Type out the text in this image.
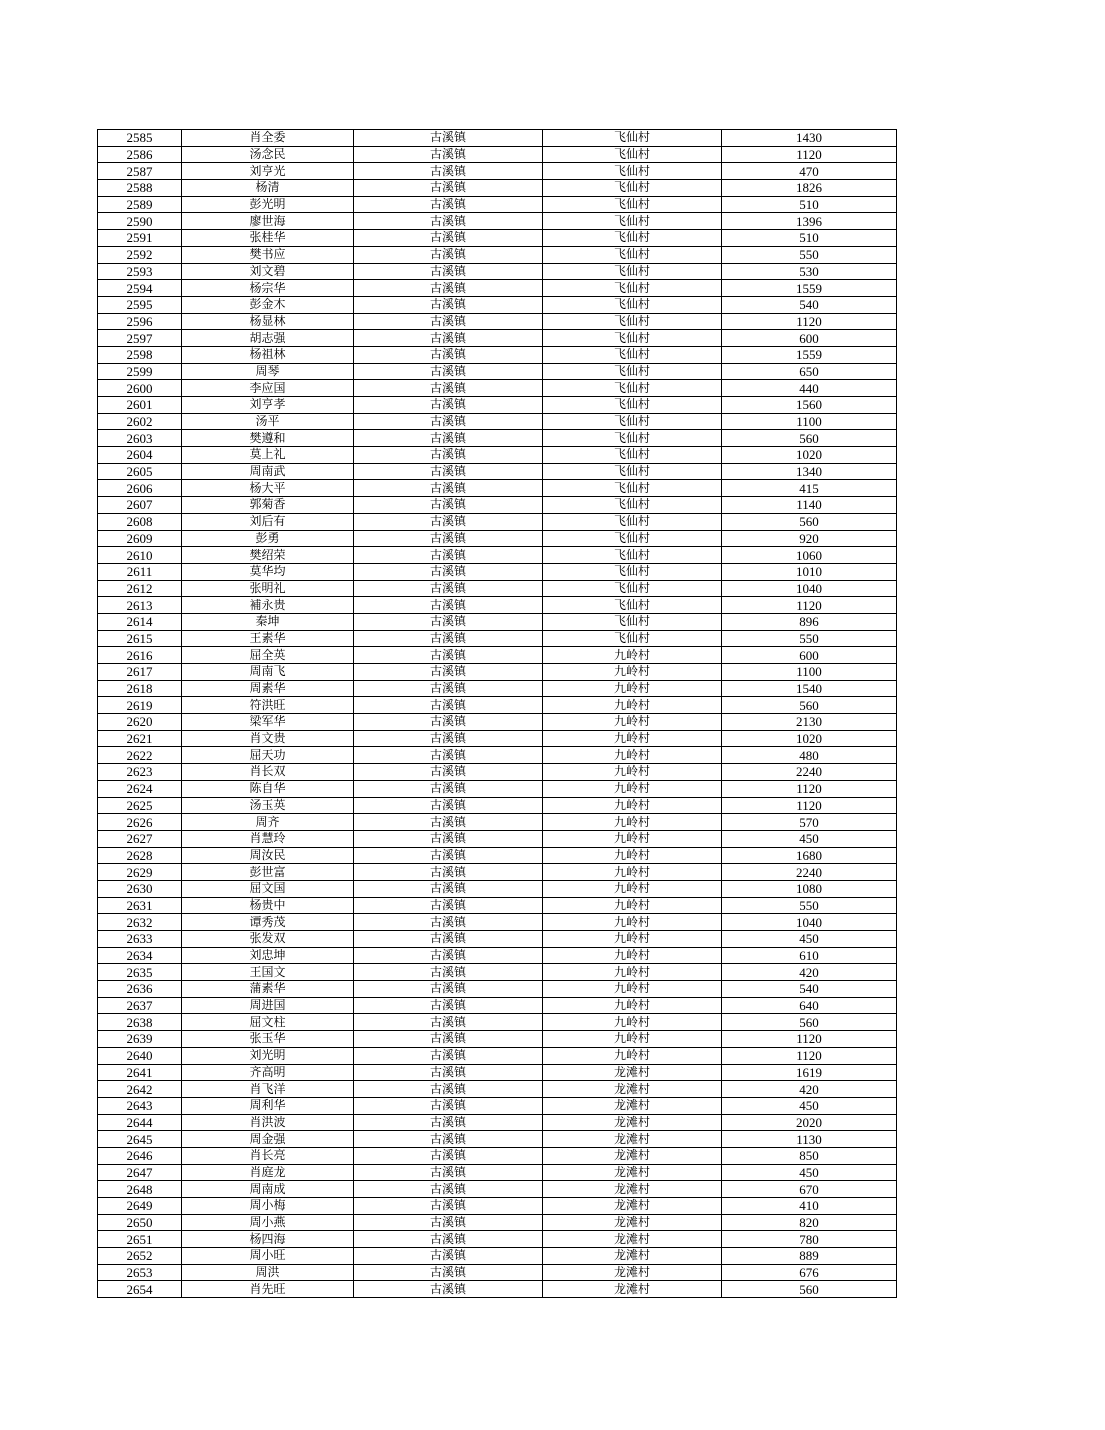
2585	肖全委	古溪镇	飞仙村	1430
2586	汤念民	古溪镇	飞仙村	1120
2587	刘亨光	古溪镇	飞仙村	470
2588	杨清	古溪镇	飞仙村	1826
2589	彭光明	古溪镇	飞仙村	510
2590	廖世海	古溪镇	飞仙村	1396
2591	张桂华	古溪镇	飞仙村	510
2592	樊书应	古溪镇	飞仙村	550
2593	刘文碧	古溪镇	飞仙村	530
2594	杨宗华	古溪镇	飞仙村	1559
2595	彭金木	古溪镇	飞仙村	540
2596	杨显林	古溪镇	飞仙村	1120
2597	胡志强	古溪镇	飞仙村	600
2598	杨祖林	古溪镇	飞仙村	1559
2599	周琴	古溪镇	飞仙村	650
2600	李应国	古溪镇	飞仙村	440
2601	刘亨孝	古溪镇	飞仙村	1560
2602	汤平	古溪镇	飞仙村	1100
2603	樊遵和	古溪镇	飞仙村	560
2604	莫上礼	古溪镇	飞仙村	1020
2605	周南武	古溪镇	飞仙村	1340
2606	杨大平	古溪镇	飞仙村	415
2607	郭菊香	古溪镇	飞仙村	1140
2608	刘后有	古溪镇	飞仙村	560
2609	彭勇	古溪镇	飞仙村	920
2610	樊绍荣	古溪镇	飞仙村	1060
2611	莫华均	古溪镇	飞仙村	1010
2612	张明礼	古溪镇	飞仙村	1040
2613	補永贵	古溪镇	飞仙村	1120
2614	秦坤	古溪镇	飞仙村	896
2615	王素华	古溪镇	飞仙村	550
2616	屈全英	古溪镇	九岭村	600
2617	周南飞	古溪镇	九岭村	1100
2618	周素华	古溪镇	九岭村	1540
2619	符洪旺	古溪镇	九岭村	560
2620	梁军华	古溪镇	九岭村	2130
2621	肖文贵	古溪镇	九岭村	1020
2622	屈天功	古溪镇	九岭村	480
2623	肖长双	古溪镇	九岭村	2240
2624	陈自华	古溪镇	九岭村	1120
2625	汤玉英	古溪镇	九岭村	1120
2626	周齐	古溪镇	九岭村	570
2627	肖慧玲	古溪镇	九岭村	450
2628	周汝民	古溪镇	九岭村	1680
2629	彭世富	古溪镇	九岭村	2240
2630	屈文国	古溪镇	九岭村	1080
2631	杨贵中	古溪镇	九岭村	550
2632	谭秀茂	古溪镇	九岭村	1040
2633	张发双	古溪镇	九岭村	450
2634	刘忠坤	古溪镇	九岭村	610
2635	王国文	古溪镇	九岭村	420
2636	蒲素华	古溪镇	九岭村	540
2637	周进国	古溪镇	九岭村	640
2638	屈文柱	古溪镇	九岭村	560
2639	张玉华	古溪镇	九岭村	1120
2640	刘光明	古溪镇	九岭村	1120
2641	齐高明	古溪镇	龙滩村	1619
2642	肖飞洋	古溪镇	龙滩村	420
2643	周利华	古溪镇	龙滩村	450
2644	肖洪波	古溪镇	龙滩村	2020
2645	周金强	古溪镇	龙滩村	1130
2646	肖长亮	古溪镇	龙滩村	850
2647	肖庭龙	古溪镇	龙滩村	450
2648	周南成	古溪镇	龙滩村	670
2649	周小梅	古溪镇	龙滩村	410
2650	周小燕	古溪镇	龙滩村	820
2651	杨四海	古溪镇	龙滩村	780
2652	周小旺	古溪镇	龙滩村	889
2653	周洪	古溪镇	龙滩村	676
2654	肖先旺	古溪镇	龙滩村	560
